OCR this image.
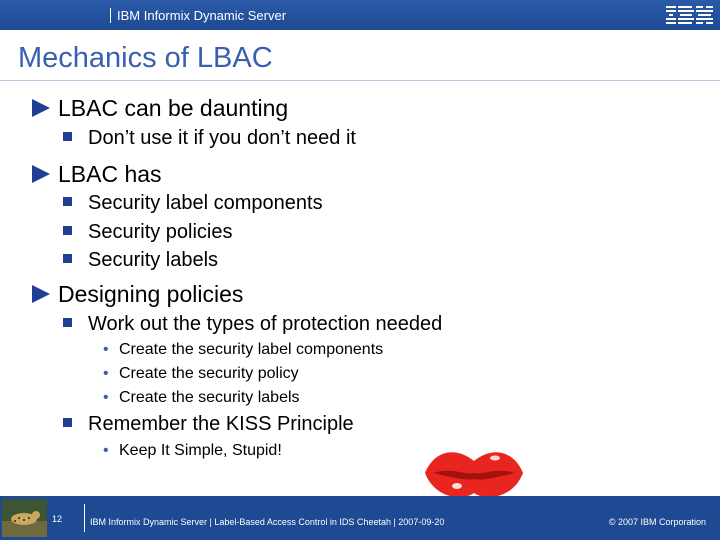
IBM Informix Dynamic Server
Mechanics of LBAC
LBAC can be daunting
Don’t use it if you don’t need it
LBAC has
Security label components
Security policies
Security labels
Designing policies
Work out the types of protection needed
• Create the security label components
• Create the security policy
• Create the security labels
Remember the KISS Principle
• Keep It Simple, Stupid!
12	IBM Informix Dynamic Server | Label-Based Access Control in IDS Cheetah | 2007-09-20	© 2007 IBM Corporation
